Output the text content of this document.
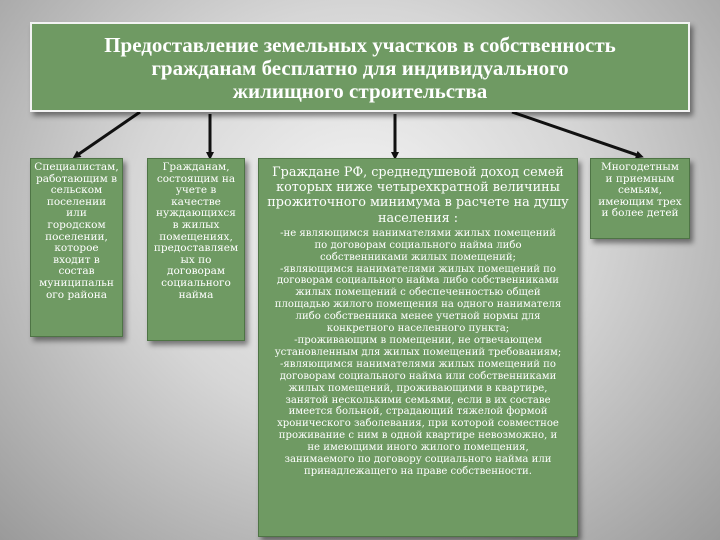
Предоставление земельных участков в собственность
гражданам бесплатно для индивидуального
жилищного строительства
Специалистам,
работающим в
сельском
поселении
или
городском
поселении,
которое
входит в
состав
муниципальн
ого района
Гражданам,
состоящим на
учете в
качестве
нуждающихся
в жилых
помещениях,
предоставляем
ых по
договорам
социального
найма
Граждане РФ, среднедушевой доход семей
которых ниже четырехкратной величины
прожиточного минимума в расчете на душу
населения :
-не являющимся нанимателями жилых помещений
по договорам социального найма либо
собственниками жилых помещений;
-являющимся нанимателями жилых помещений по
договорам социального найма либо собственниками
жилых помещений с обеспеченностью общей
площадью жилого помещения на одного нанимателя
либо собственника менее учетной нормы для
конкретного населенного пункта;
-проживающим в помещении, не отвечающем
установленным для жилых помещений требованиям;
-являющимся нанимателями жилых помещений по
договорам социального найма или собственниками
жилых помещений, проживающими в квартире,
занятой несколькими семьями, если в их составе
имеется больной, страдающий тяжелой формой
хронического заболевания, при которой совместное
проживание с ним в одной квартире невозможно, и
не имеющими иного жилого помещения,
занимаемого по договору социального найма или
принадлежащего на праве собственности.
Многодетным
и приемным
семьям,
имеющим трех
и более детей
